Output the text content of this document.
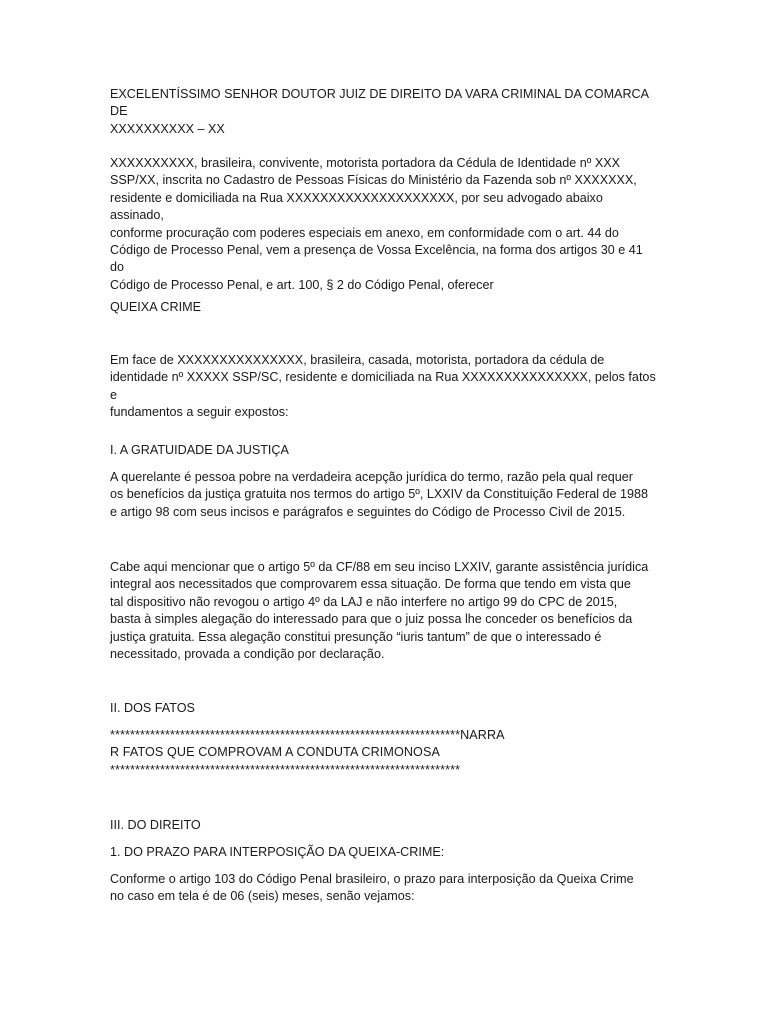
EXCELENTÍSSIMO SENHOR DOUTOR JUIZ DE DIREITO DA VARA CRIMINAL DA COMARCA DE
XXXXXXXXXX – XX

XXXXXXXXXX, brasileira, convivente, motorista portadora da Cédula de Identidade nº XXX
SSP/XX, inscrita no Cadastro de Pessoas Físicas do Ministério da Fazenda sob nº XXXXXXX,
residente e domiciliada na Rua XXXXXXXXXXXXXXXXXXXX, por seu advogado abaixo assinado,
conforme procuração com poderes especiais em anexo, em conformidade com o art. 44 do
Código de Processo Penal, vem a presença de Vossa Excelência, na forma dos artigos 30 e 41 do
Código de Processo Penal, e art. 100, § 2 do Código Penal, oferecer

QUEIXA CRIME

Em face de XXXXXXXXXXXXXXX, brasileira, casada, motorista, portadora da cédula de
identidade nº XXXXX SSP/SC, residente e domiciliada na Rua XXXXXXXXXXXXXXX, pelos fatos e
fundamentos a seguir expostos:

I. A GRATUIDADE DA JUSTIÇA

A querelante é pessoa pobre na verdadeira acepção jurídica do termo, razão pela qual requer
os benefícios da justiça gratuita nos termos do artigo 5º, LXXIV da Constituição Federal de 1988
e artigo 98 com seus incisos e parágrafos e seguintes do Código de Processo Civil de 2015.

Cabe aqui mencionar que o artigo 5º da CF/88 em seu inciso LXXIV, garante assistência jurídica
integral aos necessitados que comprovarem essa situação. De forma que tendo em vista que
tal dispositivo não revogou o artigo 4º da LAJ e não interfere no artigo 99 do CPC de 2015,
basta à simples alegação do interessado para que o juiz possa lhe conceder os benefícios da
justiça gratuita. Essa alegação constitui presunção “iuris tantum” de que o interessado é
necessitado, provada a condição por declaração.

II. DOS FATOS

**********************************************************************NARRA
R FATOS QUE COMPROVAM A CONDUTA CRIMONOSA
**********************************************************************

III. DO DIREITO

1. DO PRAZO PARA INTERPOSIÇÃO DA QUEIXA-CRIME:

Conforme o artigo 103 do Código Penal brasileiro, o prazo para interposição da Queixa Crime
no caso em tela é de 06 (seis) meses, senão vejamos:
